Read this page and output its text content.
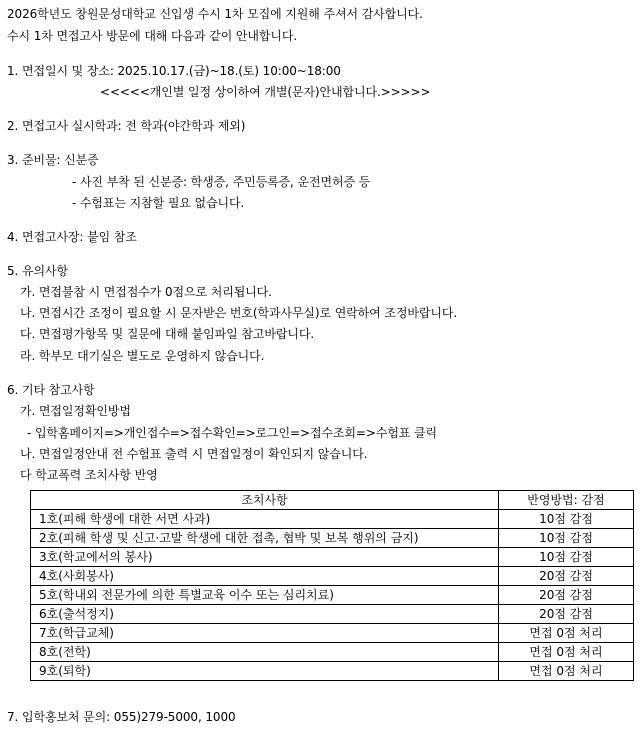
2026학년도 창원문성대학교 신입생 수시 1차 모집에 지원해 주셔서 감사합니다.
수시 1차 면접고사 방문에 대해 다음과 같이 안내합니다.
1. 면접일시 및 장소: 2025.10.17.(금)~18.(토) 10:00~18:00
<<<<<개인별 일정 상이하여 개별(문자)안내합니다.>>>>>
2. 면접고사 실시학과: 전 학과(야간학과 제외)
3. 준비물: 신분증
- 사진 부착 된 신분증: 학생증, 주민등록증, 운전면허증 등
- 수험표는 지참할 필요 없습니다.
4. 면접고사장: 붙임 참조
5. 유의사항
가. 면접불참 시 면접점수가 0점으로 처리됩니다.
나. 면접시간 조정이 필요할 시 문자받은 번호(학과사무실)로 연락하여 조정바랍니다.
다. 면접평가항목 및 질문에 대해 붙임파일 참고바랍니다.
라. 학부모 대기실은 별도로 운영하지 않습니다.
6. 기타 참고사항
가. 면접일정확인방법
- 입학홈페이지=>개인접수=>접수확인=>로그인=>접수조회=>수험표 클릭
나. 면접일정안내 전 수험표 출력 시 면접일정이 확인되지 않습니다.
다 학교폭력 조치사항 반영
조치사항	반영방법: 감점
1호(피해 학생에 대한 서면 사과)	10점 감점
2호(피해 학생 및 신고·고발 학생에 대한 접촉, 협박 및 보복 행위의 금지)	10점 감점
3호(학교에서의 봉사)	10점 감점
4호(사회봉사)	20점 감점
5호(학내외 전문가에 의한 특별교육 이수 또는 심리치료)	20점 감점
6호(출석정지)	20점 감점
7호(학급교체)	면접 0점 처리
8호(전학)	면접 0점 처리
9호(퇴학)	면접 0점 처리
7. 입학홍보처 문의: 055)279-5000, 1000
